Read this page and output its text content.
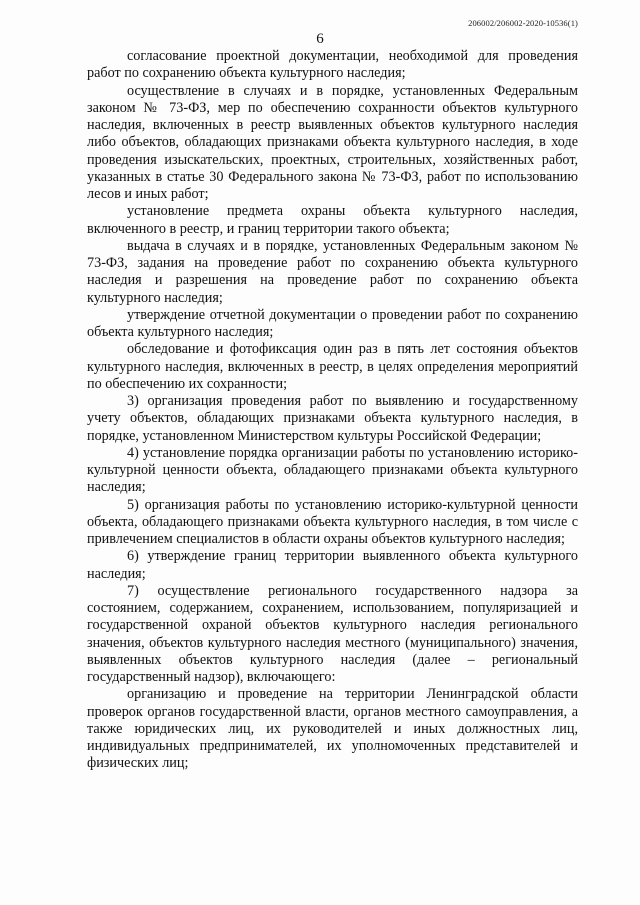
206002/206002-2020-10536(1)
6

согласование проектной документации, необходимой для проведения работ по сохранению объекта культурного наследия;

осуществление в случаях и в порядке, установленных Федеральным законом № 73-ФЗ, мер по обеспечению сохранности объектов культурного наследия, включенных в реестр выявленных объектов культурного наследия либо объектов, обладающих признаками объекта культурного наследия, в ходе проведения изыскательских, проектных, строительных, хозяйственных работ, указанных в статье 30 Федерального закона № 73-ФЗ, работ по использованию лесов и иных работ;

установление предмета охраны объекта культурного наследия, включенного в реестр, и границ территории такого объекта;

выдача в случаях и в порядке, установленных Федеральным законом № 73-ФЗ, задания на проведение работ по сохранению объекта культурного наследия и разрешения на проведение работ по сохранению объекта культурного наследия;

утверждение отчетной документации о проведении работ по сохранению объекта культурного наследия;

обследование и фотофиксация один раз в пять лет состояния объектов культурного наследия, включенных в реестр, в целях определения мероприятий по обеспечению их сохранности;

3) организация проведения работ по выявлению и государственному учету объектов, обладающих признаками объекта культурного наследия, в порядке, установленном Министерством культуры Российской Федерации;

4) установление порядка организации работы по установлению историко-культурной ценности объекта, обладающего признаками объекта культурного наследия;

5) организация работы по установлению историко-культурной ценности объекта, обладающего признаками объекта культурного наследия, в том числе с привлечением специалистов в области охраны объектов культурного наследия;

6) утверждение границ территории выявленного объекта культурного наследия;

7) осуществление регионального государственного надзора за состоянием, содержанием, сохранением, использованием, популяризацией и государственной охраной объектов культурного наследия регионального значения, объектов культурного наследия местного (муниципального) значения, выявленных объектов культурного наследия (далее – региональный государственный надзор), включающего:

организацию и проведение на территории Ленинградской области проверок органов государственной власти, органов местного самоуправления, а также юридических лиц, их руководителей и иных должностных лиц, индивидуальных предпринимателей, их уполномоченных представителей и физических лиц;
